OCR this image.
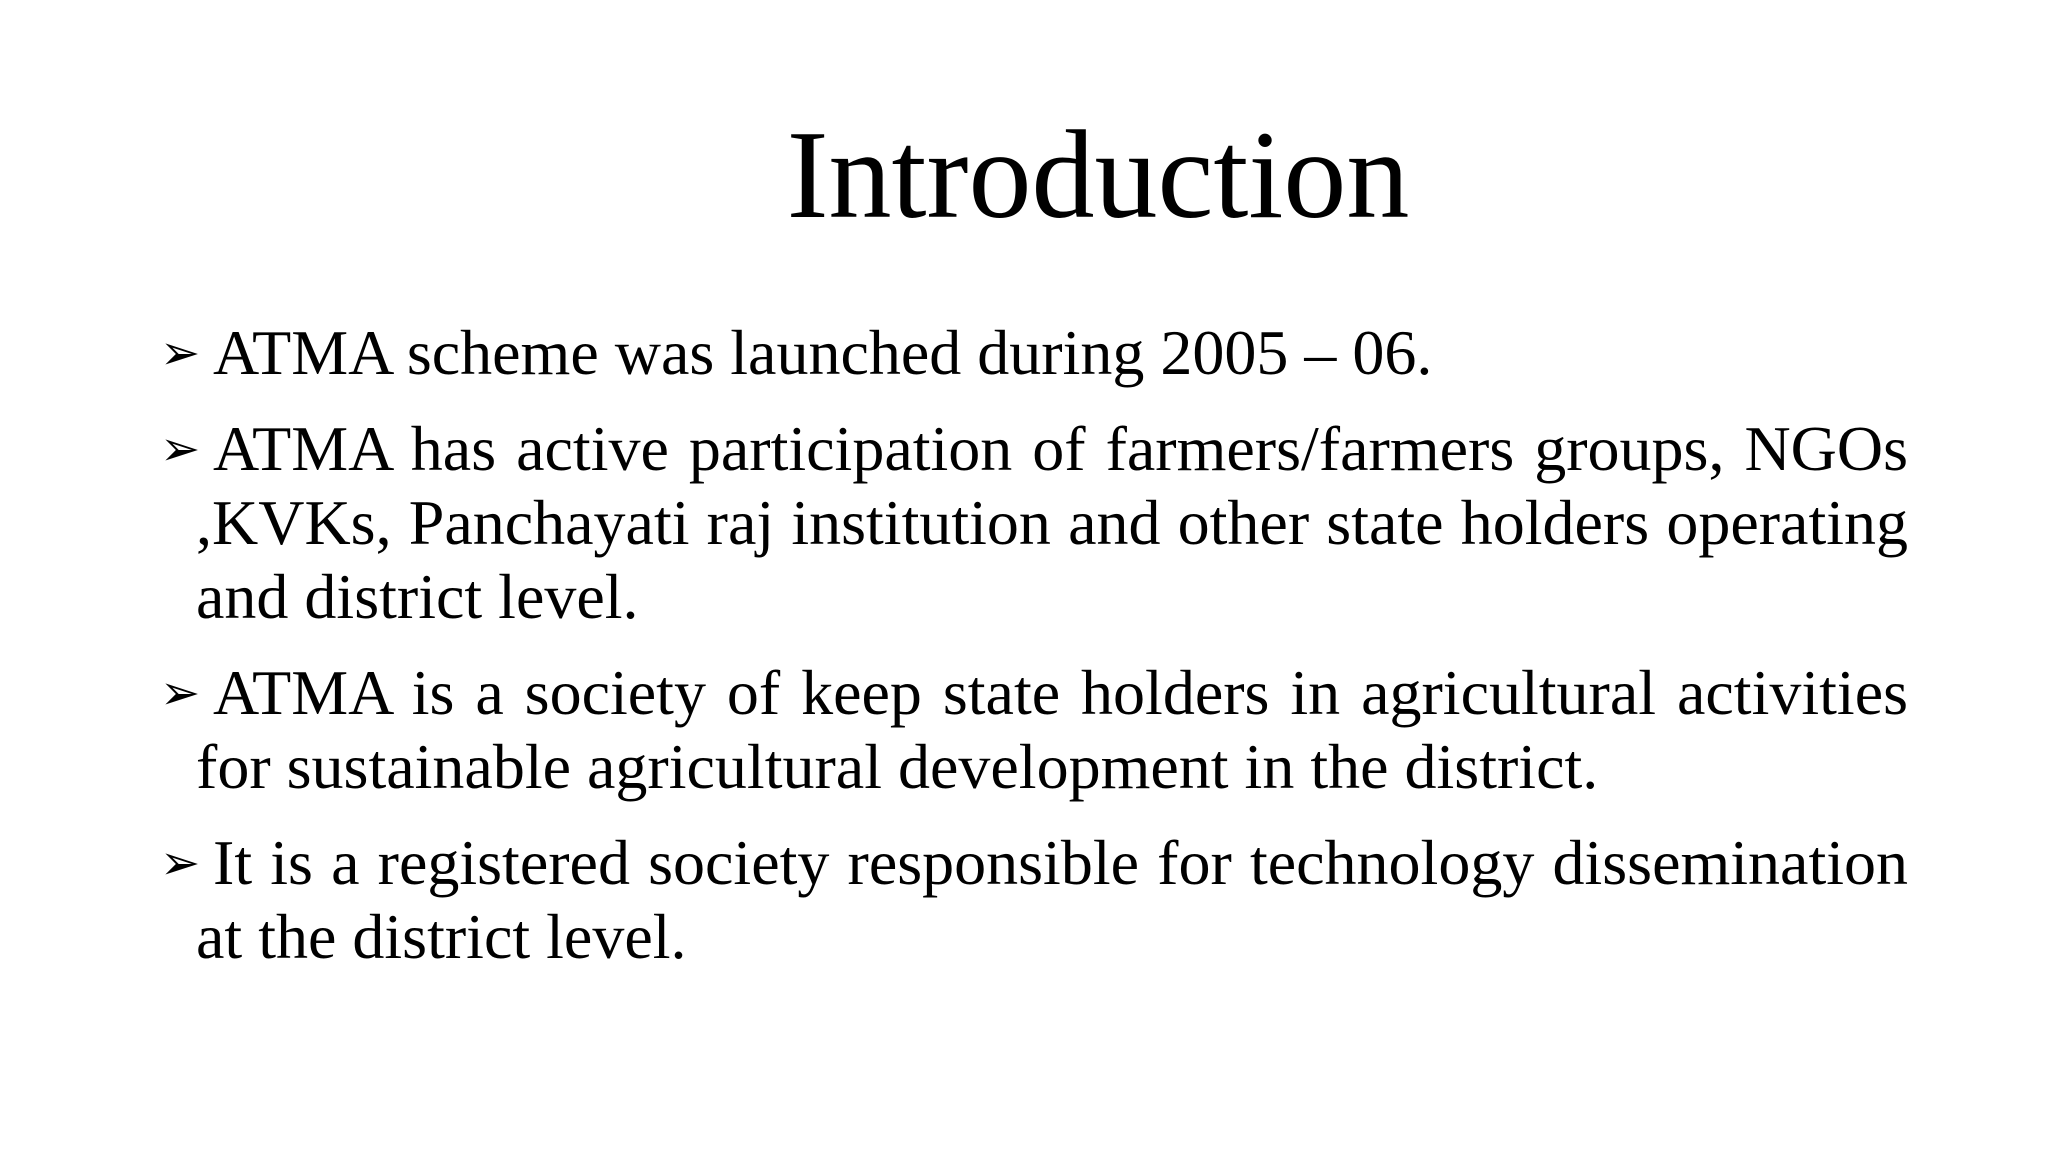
Introduction
➢ ATMA scheme was launched during 2005 – 06.
➢ ATMA has active participation of farmers/farmers groups, NGOs ,KVKs, Panchayati raj institution and other state holders operating and district level.
➢ ATMA is a society of keep state holders in agricultural activities for sustainable agricultural development in the district.
➢ It is a registered society responsible for technology dissemination at the district level.
